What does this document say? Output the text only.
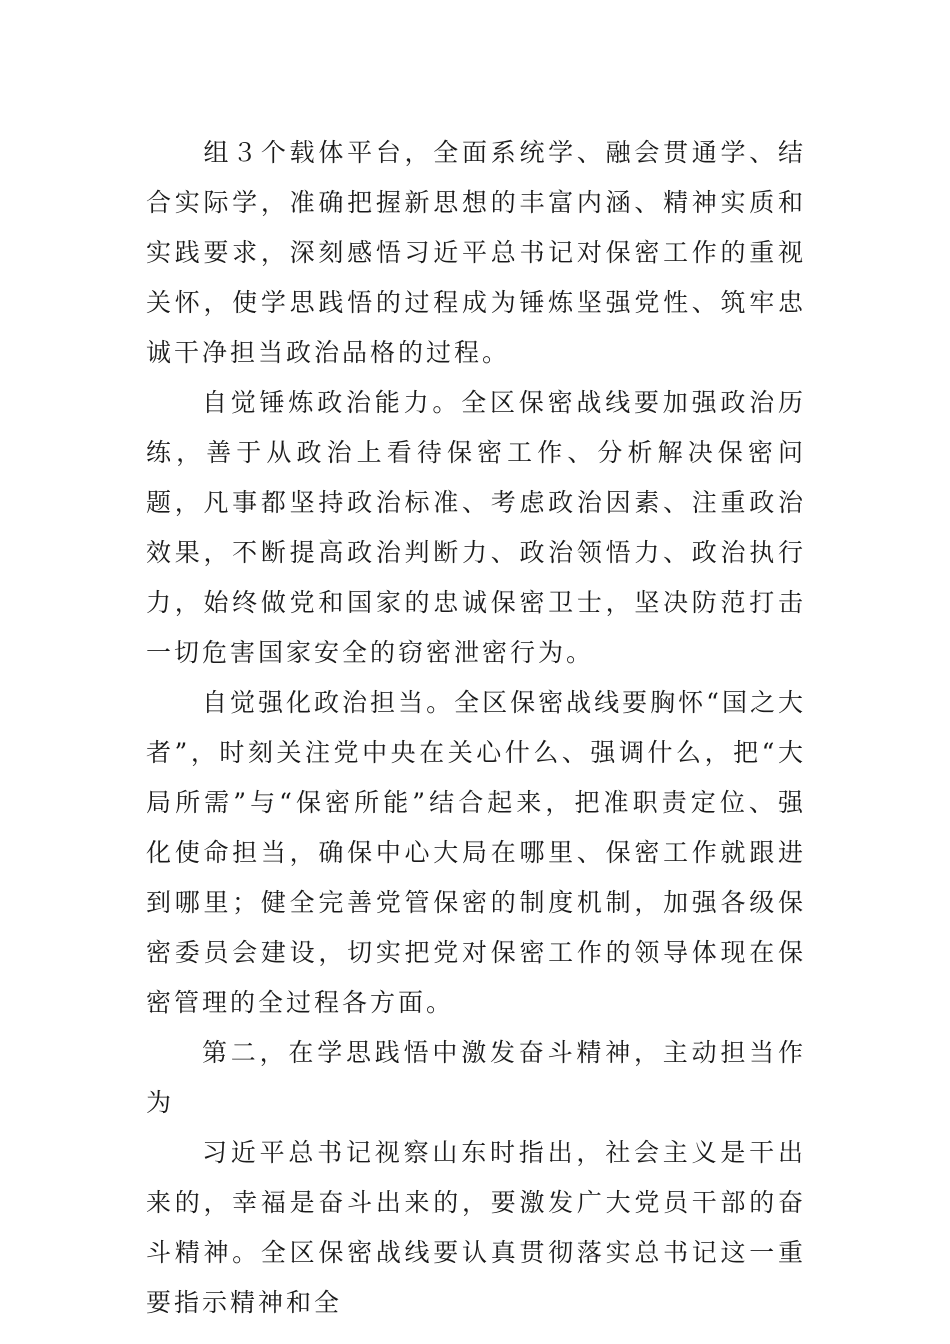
　　组３个载体平台，全面系统学、融会贯通学、结合实际学，准确把握新思想的丰富内涵、精神实质和实践要求，深刻感悟习近平总书记对保密工作的重视关怀，使学思践悟的过程成为锤炼坚强党性、筑牢忠诚干净担当政治品格的过程。

自觉锤炼政治能力。全区保密战线要加强政治历练，善于从政治上看待保密工作、分析解决保密问题，凡事都坚持政治标准、考虑政治因素、注重政治效果，不断提高政治判断力、政治领悟力、政治执行力，始终做党和国家的忠诚保密卫士，坚决防范打击一切危害国家安全的窃密泄密行为。

自觉强化政治担当。全区保密战线要胸怀“国之大者”，时刻关注党中央在关心什么、强调什么，把“大局所需”与“保密所能”结合起来，把准职责定位、强化使命担当，确保中心大局在哪里、保密工作就跟进到哪里；健全完善党管保密的制度机制，加强各级保密委员会建设，切实把党对保密工作的领导体现在保密管理的全过程各方面。

第二，在学思践悟中激发奋斗精神，主动担当作为

习近平总书记视察山东时指出，社会主义是干出来的，幸福是奋斗出来的，要激发广大党员干部的奋斗精神。全区保密战线要认真贯彻落实总书记这一重要指示精神和全
